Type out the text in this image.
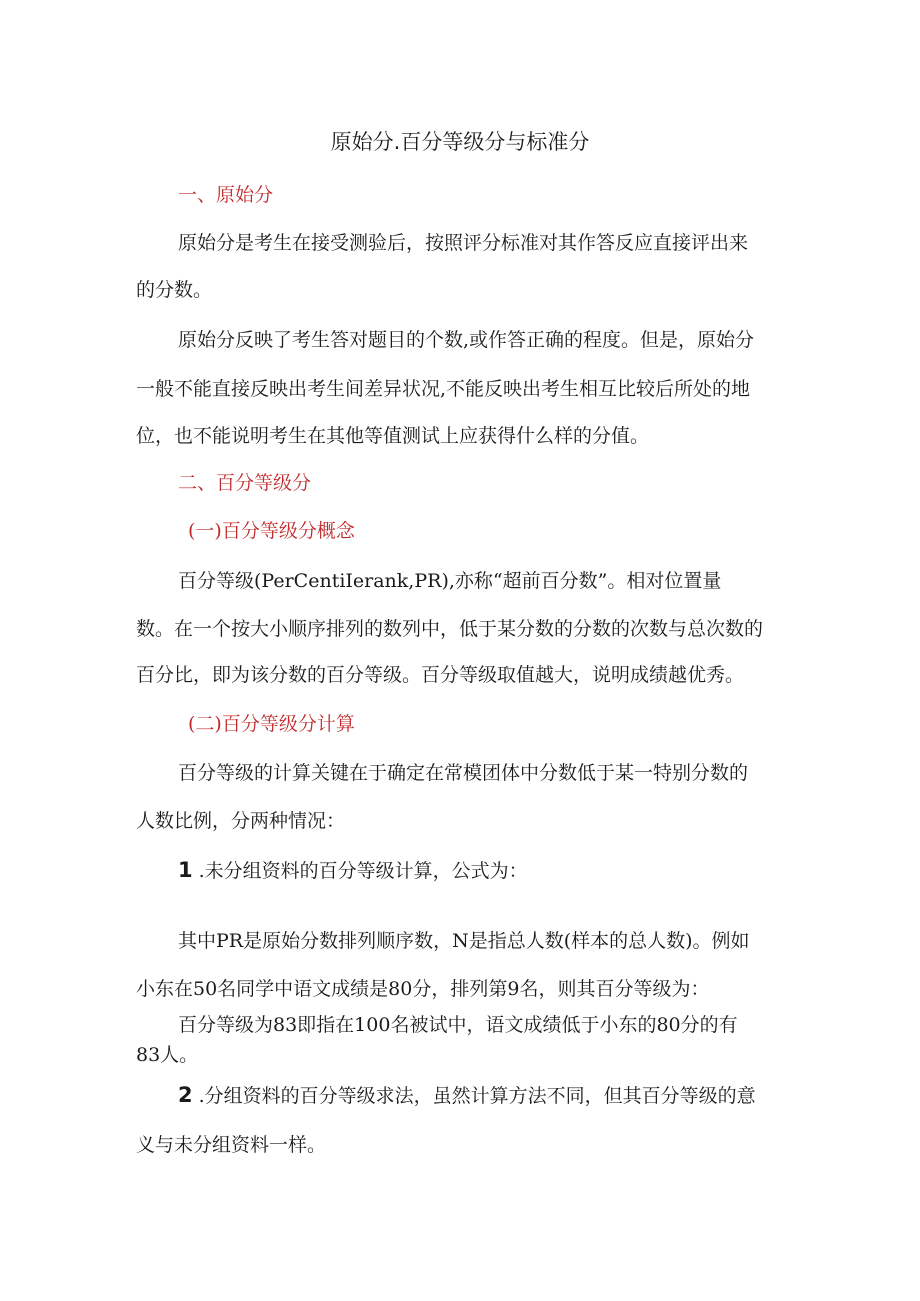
原始分.百分等级分与标准分
一、原始分
原始分是考生在接受测验后，按照评分标准对其作答反应直接评出来
的分数。
原始分反映了考生答对题目的个数,或作答正确的程度。但是，原始分
一般不能直接反映出考生间差异状况,不能反映出考生相互比较后所处的地
位，也不能说明考生在其他等值测试上应获得什么样的分值。
二、百分等级分
(一)百分等级分概念
百分等级(PerCentiIerank,PR),亦称“超前百分数”。相对位置量
数。在一个按大小顺序排列的数列中，低于某分数的分数的次数与总次数的
百分比，即为该分数的百分等级。百分等级取值越大，说明成绩越优秀。
(二)百分等级分计算
百分等级的计算关键在于确定在常模团体中分数低于某一特别分数的
人数比例，分两种情况：
1 .未分组资料的百分等级计算，公式为：
其中PR是原始分数排列顺序数，N是指总人数(样本的总人数)。例如
小东在50名同学中语文成绩是80分，排列第9名，则其百分等级为：
百分等级为83即指在100名被试中，语文成绩低于小东的80分的有
83人。
2 .分组资料的百分等级求法，虽然计算方法不同，但其百分等级的意
义与未分组资料一样。
